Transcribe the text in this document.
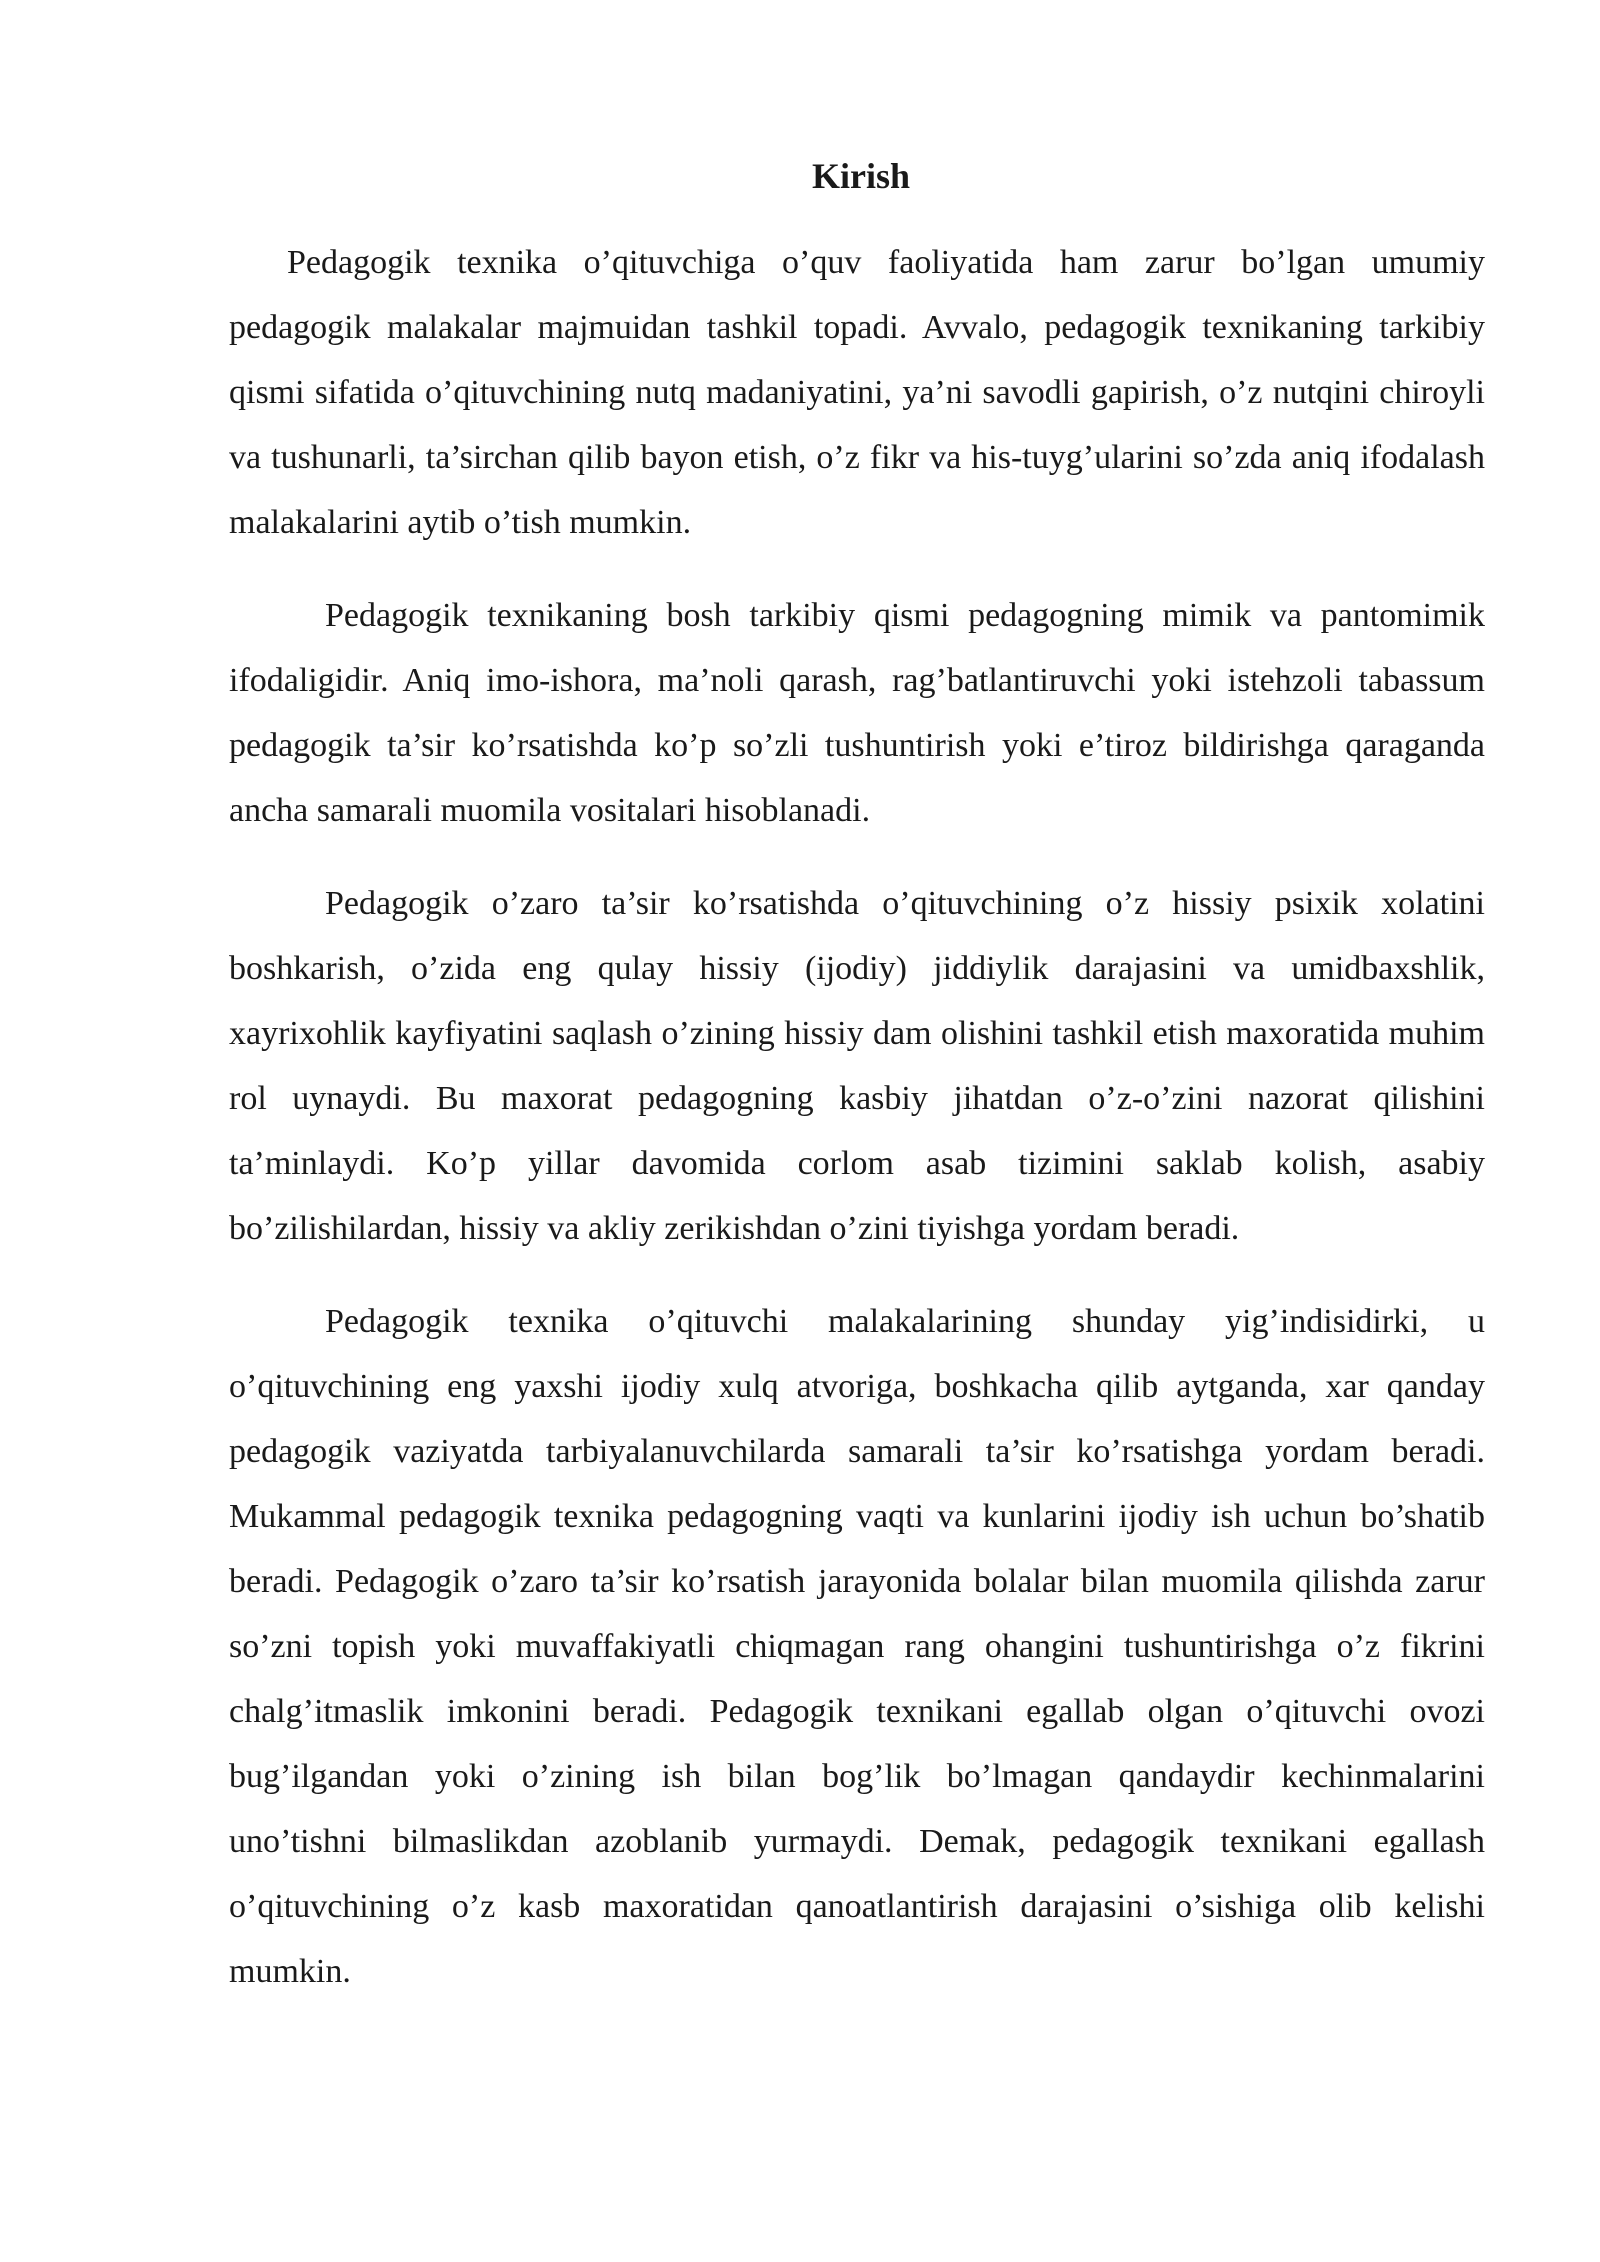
Kirish

Pedagogik texnika o’qituvchiga o’quv faoliyatida ham zarur bo’lgan umumiy pedagogik malakalar majmuidan tashkil topadi. Avvalo, pedagogik texnikaning tarkibiy qismi sifatida o’qituvchining nutq madaniyatini, ya’ni savodli gapirish, o’z nutqini chiroyli va tushunarli, ta’sirchan qilib bayon etish, o’z fikr va his-tuyg’ularini so’zda aniq ifodalash malakalarini aytib o’tish mumkin.

Pedagogik texnikaning bosh tarkibiy qismi pedagogning mimik va pantomimik ifodaligidir. Aniq imo-ishora, ma’noli qarash, rag’batlantiruvchi yoki istehzoli tabassum pedagogik ta’sir ko’rsatishda ko’p so’zli tushuntirish yoki e’tiroz bildirishga qaraganda ancha samarali muomila vositalari hisoblanadi.

Pedagogik o’zaro ta’sir ko’rsatishda o’qituvchining o’z hissiy psixik xolatini boshkarish, o’zida eng qulay hissiy (ijodiy) jiddiylik darajasini va umidbaxshlik, xayrixohlik kayfiyatini saqlash o’zining hissiy dam olishini tashkil etish maxoratida muhim rol uynaydi. Bu maxorat pedagogning kasbiy jihatdan o’z-o’zini nazorat qilishini ta’minlaydi. Ko’p yillar davomida corlom asab tizimini saklab kolish, asabiy bo’zilishilardan, hissiy va akliy zerikishdan o’zini tiyishga yordam beradi.

Pedagogik texnika o’qituvchi malakalarining shunday yig’indisidirki, u o’qituvchining eng yaxshi ijodiy xulq atvoriga, boshkacha qilib aytganda, xar qanday pedagogik vaziyatda tarbiyalanuvchilarda samarali ta’sir ko’rsatishga yordam beradi. Mukammal pedagogik texnika pedagogning vaqti va kunlarini ijodiy ish uchun bo’shatib beradi. Pedagogik o’zaro ta’sir ko’rsatish jarayonida bolalar bilan muomila qilishda zarur so’zni topish yoki muvaffakiyatli chiqmagan rang ohangini tushuntirishga o’z fikrini chalg’itmaslik imkonini beradi. Pedagogik texnikani egallab olgan o’qituvchi ovozi bug’ilgandan yoki o’zining ish bilan bog’lik bo’lmagan qandaydir kechinmalarini uno’tishni bilmaslikdan azoblanib yurmaydi. Demak, pedagogik texnikani egallash o’qituvchining o’z kasb maxoratidan qanoatlantirish darajasini o’sishiga olib kelishi mumkin.
